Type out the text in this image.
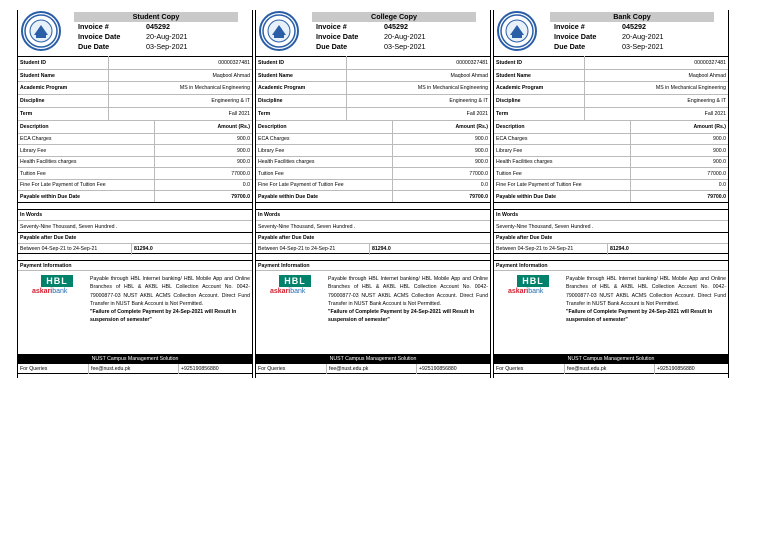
Student Copy
Invoice #	045292
Invoice Date	20-Aug-2021
Due Date	03-Sep-2021
Student ID	00000327481
Student Name	Maqbool Ahmad
Academic Program	MS in Mechanical Engineering
Discipline	Engineering & IT
Term	Fall 2021
Description	Amount (Rs.)
ECA Charges	900.0
Library Fee	900.0
Health Facilities charges	900.0
Tuition Fee	77000.0
Fine For Late Payment of Tuition Fee	0.0
Payable within Due Date	79700.0
In Words
Seventy-Nine Thousand, Seven Hundred .
Payable after Due Date
Between 04-Sep-21 to 24-Sep-21	81294.0
Payment Information
HBL
askaribank
Payable through HBL Internet banking/ HBL Mobile App and Online Branches of HBL & AKBL HBL Collection Account No. 0042-79000877-03 NUST AKBL ACMS Collection Account. Direct Fund Transfer in NUST Bank Account is Not Permitted.
"Failure of Complete Payment by 24-Sep-2021 will Result In suspension of semester"
NUST Campus Management Solution
For Queries	fee@nust.edu.pk	+925190856880
College Copy
Invoice #	045292
Invoice Date	20-Aug-2021
Due Date	03-Sep-2021
Student ID	00000327481
Student Name	Maqbool Ahmad
Academic Program	MS in Mechanical Engineering
Discipline	Engineering & IT
Term	Fall 2021
Description	Amount (Rs.)
ECA Charges	900.0
Library Fee	900.0
Health Facilities charges	900.0
Tuition Fee	77000.0
Fine For Late Payment of Tuition Fee	0.0
Payable within Due Date	79700.0
In Words
Seventy-Nine Thousand, Seven Hundred .
Payable after Due Date
Between 04-Sep-21 to 24-Sep-21	81294.0
Payment Information
HBL
askaribank
Payable through HBL Internet banking/ HBL Mobile App and Online Branches of HBL & AKBL HBL Collection Account No. 0042-79000877-03 NUST AKBL ACMS Collection Account. Direct Fund Transfer in NUST Bank Account is Not Permitted.
"Failure of Complete Payment by 24-Sep-2021 will Result In suspension of semester"
NUST Campus Management Solution
For Queries	fee@nust.edu.pk	+925190856880
Bank Copy
Invoice #	045292
Invoice Date	20-Aug-2021
Due Date	03-Sep-2021
Student ID	00000327481
Student Name	Maqbool Ahmad
Academic Program	MS in Mechanical Engineering
Discipline	Engineering & IT
Term	Fall 2021
Description	Amount (Rs.)
ECA Charges	900.0
Library Fee	900.0
Health Facilities charges	900.0
Tuition Fee	77000.0
Fine For Late Payment of Tuition Fee	0.0
Payable within Due Date	79700.0
In Words
Seventy-Nine Thousand, Seven Hundred .
Payable after Due Date
Between 04-Sep-21 to 24-Sep-21	81294.0
Payment Information
HBL
askaribank
Payable through HBL Internet banking/ HBL Mobile App and Online Branches of HBL & AKBL HBL Collection Account No. 0042-79000877-03 NUST AKBL ACMS Collection Account. Direct Fund Transfer in NUST Bank Account is Not Permitted.
"Failure of Complete Payment by 24-Sep-2021 will Result In suspension of semester"
NUST Campus Management Solution
For Queries	fee@nust.edu.pk	+925190856880
